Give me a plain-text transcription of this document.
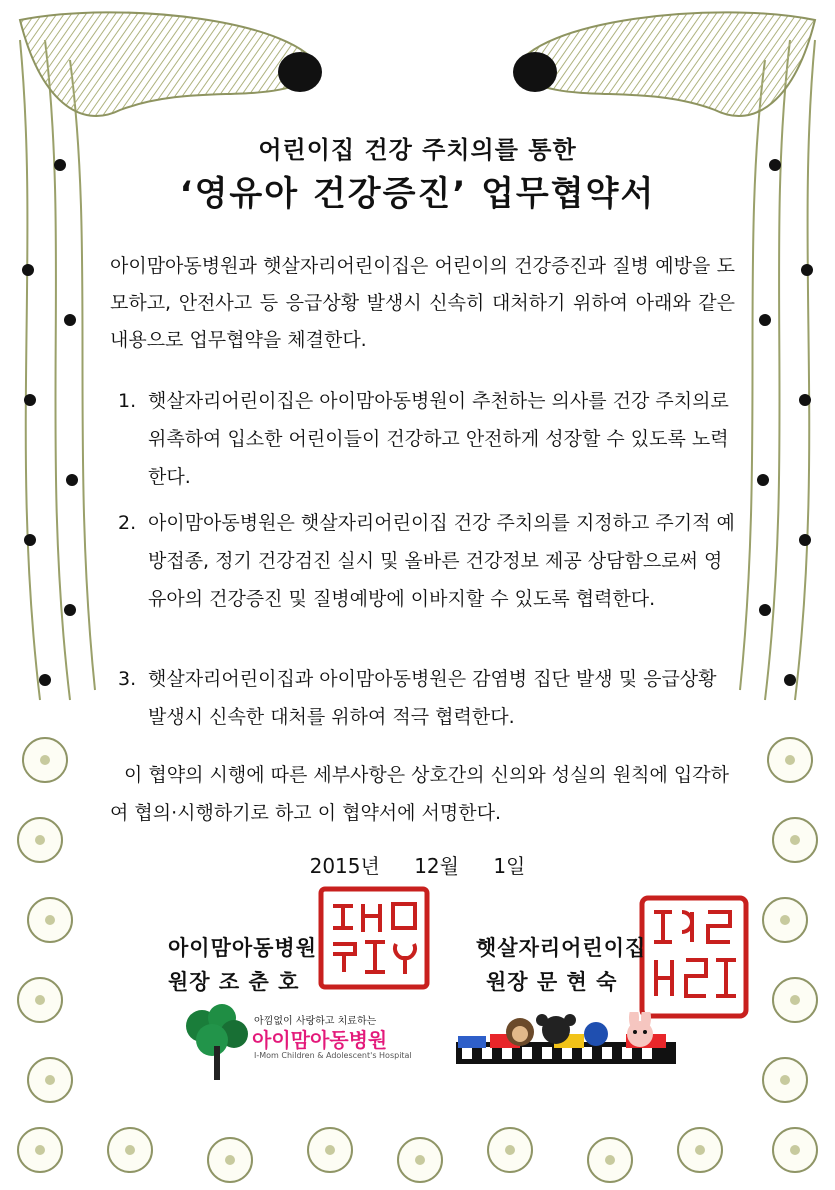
어린이집 건강 주치의를 통한
‘영유아 건강증진’ 업무협약서
아이맘아동병원과 햇살자리어린이집은 어린이의 건강증진과 질병 예방을 도모하고, 안전사고 등 응급상황 발생시 신속히 대처하기 위하여 아래와 같은 내용으로 업무협약을 체결한다.
1. 햇살자리어린이집은 아이맘아동병원이 추천하는 의사를 건강 주치의로 위촉하여 입소한 어린이들이 건강하고 안전하게 성장할 수 있도록 노력한다.
2. 아이맘아동병원은 햇살자리어린이집 건강 주치의를 지정하고 주기적 예방접종, 정기 건강검진 실시 및 올바른 건강정보 제공 상담함으로써 영유아의 건강증진 및 질병예방에 이바지할 수 있도록 협력한다.
3. 햇살자리어린이집과 아이맘아동병원은 감염병 집단 발생 및 응급상황 발생시 신속한 대처를 위하여 적극 협력한다.
이 협약의 시행에 따른 세부사항은 상호간의 신의와 성실의 원칙에 입각하여 협의·시행하기로 하고 이 협약서에 서명한다.
2015년 12월 1일
아이맘아동병원
원장 조 춘 호
햇살자리어린이집
원장 문 현 숙
아낌없이 사랑하고 치료하는
아이맘아동병원
I-Mom Children & Adolescent's Hospital
